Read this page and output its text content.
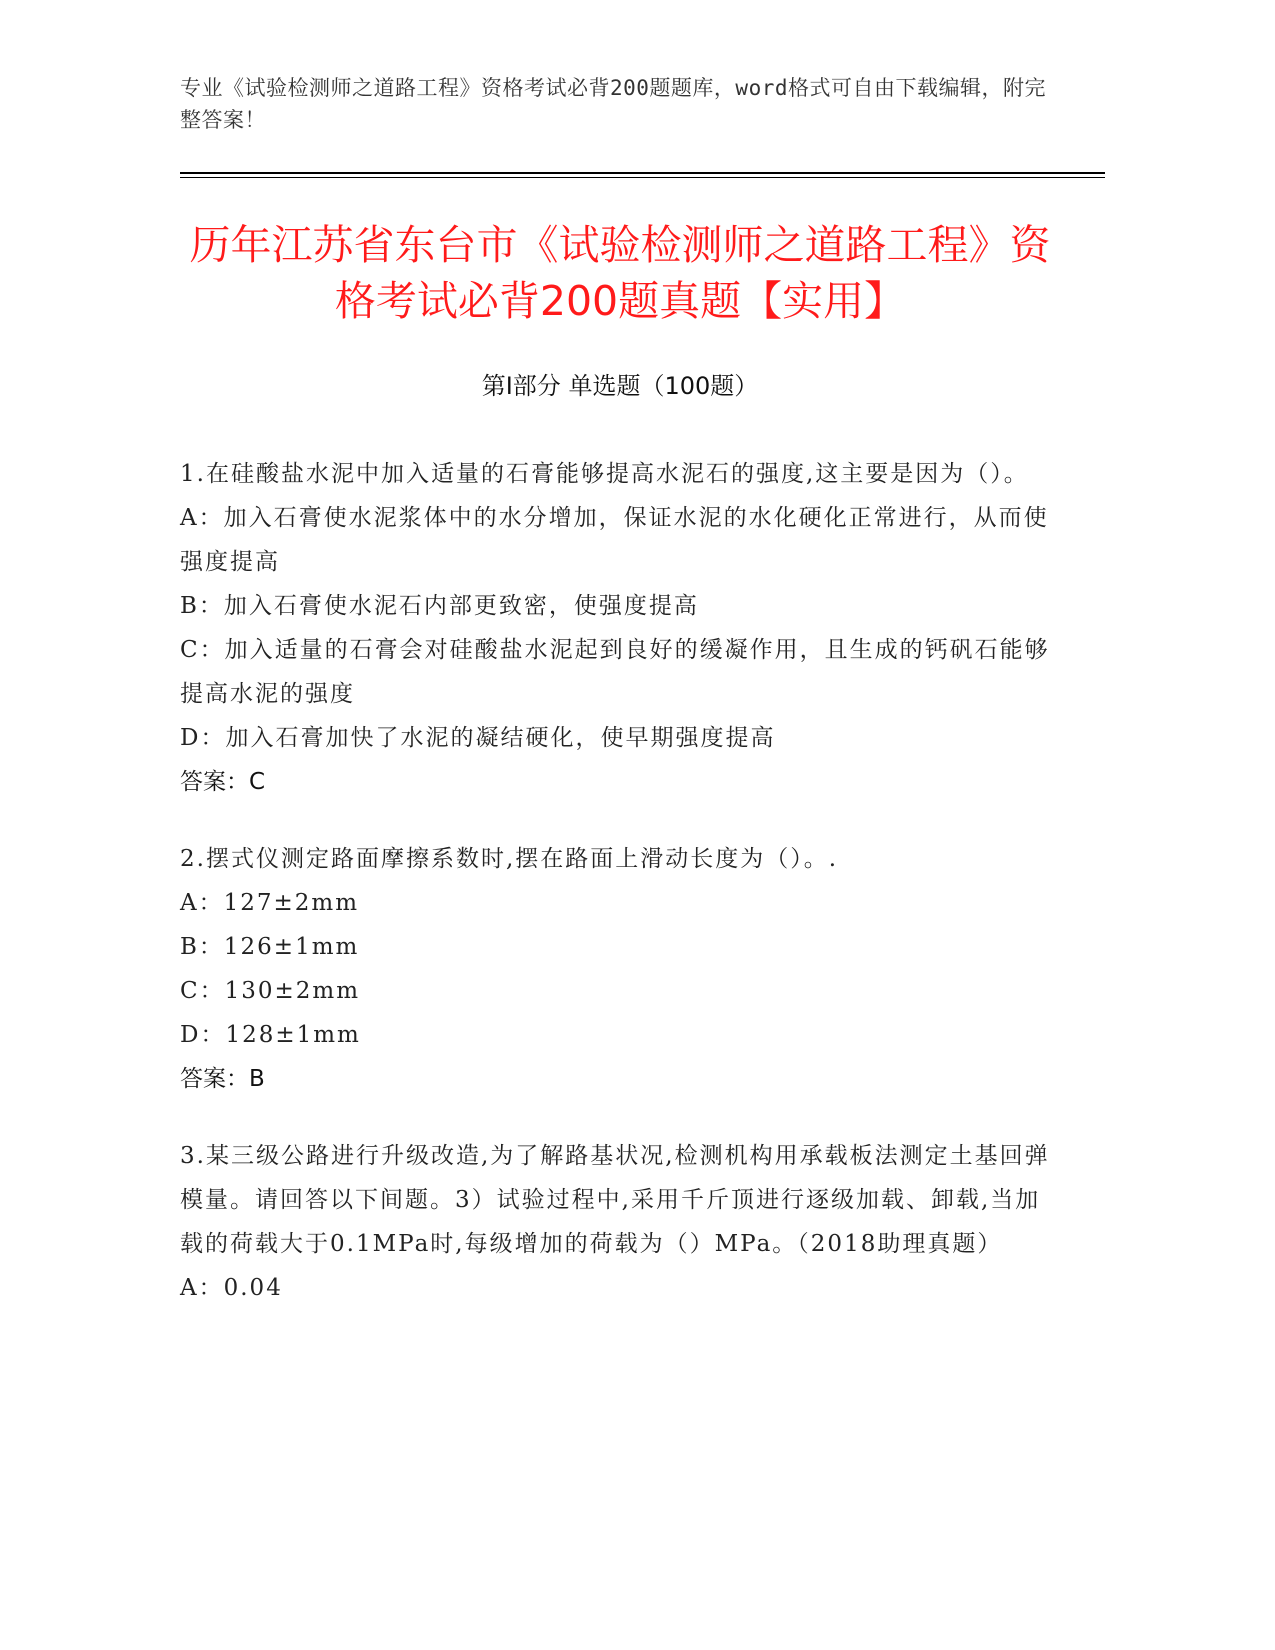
专业《试验检测师之道路工程》资格考试必背200题题库，word格式可自由下载编辑，附完整答案！
历年江苏省东台市《试验检测师之道路工程》资格考试必背200题真题【实用】
第Ⅰ部分 单选题（100题）
1.在硅酸盐水泥中加入适量的石膏能够提高水泥石的强度,这主要是因为（）。
A：加入石膏使水泥浆体中的水分增加，保证水泥的水化硬化正常进行，从而使强度提高
B：加入石膏使水泥石内部更致密，使强度提高
C：加入适量的石膏会对硅酸盐水泥起到良好的缓凝作用，且生成的钙矾石能够提高水泥的强度
D：加入石膏加快了水泥的凝结硬化，使早期强度提高
答案：C
2.摆式仪测定路面摩擦系数时,摆在路面上滑动长度为（）。.
A：127±2mm
B：126±1mm
C：130±2mm
D：128±1mm
答案：B
3.某三级公路进行升级改造,为了解路基状况,检测机构用承载板法测定土基回弹模量。请回答以下间题。3）试验过程中,采用千斤顶进行逐级加载、卸载,当加载的荷载大于0.1MPa时,每级增加的荷载为（）MPa。（2018助理真题）
A：0.04
